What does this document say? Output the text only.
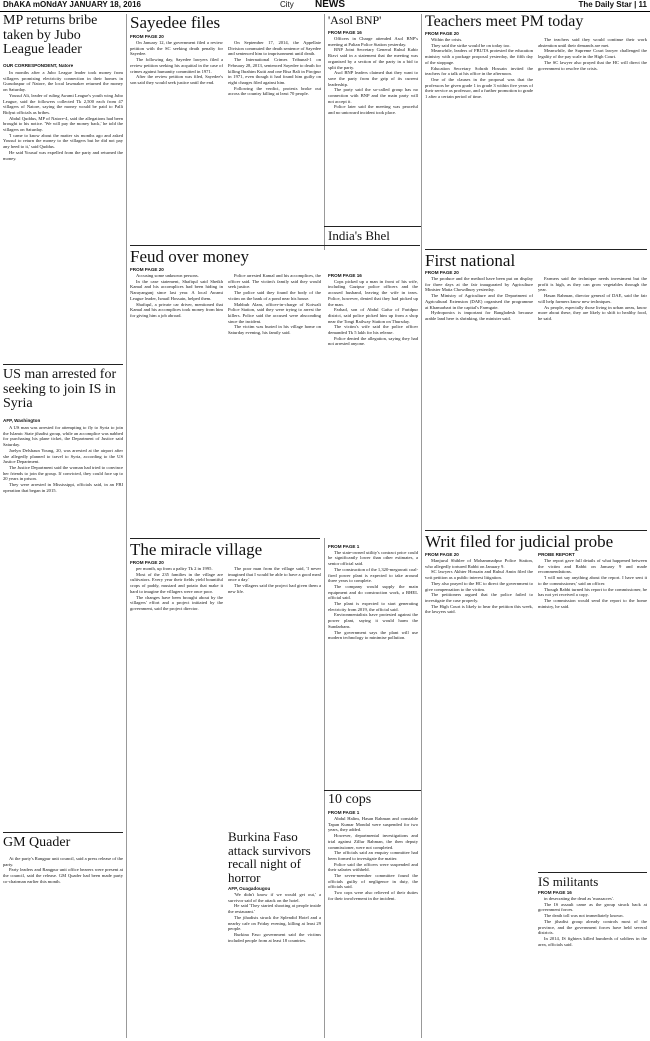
DhAKA mONdAY JANUARY 18, 2016	City NEWS	The Daily Star | 11
MP returns bribe taken by Jubo League leader
OUR CORRESPONDENT, Natore

In months after a Jubo League leader took money from villagers promising electricity connection in their homes in Gurudaspur of Natore, the local lawmaker returned the money on Saturday.

Yousuf Ali, leader of ruling Awami League's youth wing Jubo League, said the followers collected Tk 2,500 each from 47 villagers of Natore, saying the money would be paid to Palli Bidyut officials as bribes.

Abdul Quddus, MP of Natore-4, said the allegations had been brought to his notice. 'We will pay the money back,' he told the villagers on Saturday.

'I came to know about the matter six months ago and asked Yousuf to return the money to the villagers but he did not pay any heed to it,' said Quddus.

He said Yousuf was expelled from the party and returned the money.

US man arrested for seeking to join IS in Syria
AFP, Washington

A US man was arrested for attempting to fly to Syria to join the Islamic State jihadist group, while an accomplice was nabbed for purchasing his plane ticket, the Department of Justice said Saturday.

Jaelyn Delshaun Young, 20, was arrested at the airport after she allegedly planned to travel to Syria, according to the US Justice Department.

The Justice Department said the woman had tried to convince her friends to join the group. If convicted, they could face up to 20 years in prison.

They were arrested in Mississippi, officials said, in an FBI operation that began in 2015.

GM Quader

At the party's Rangpur unit council, said a press release of the party.

Party leaders and Rangpur unit office bearers were present at the council, said the release. GM Quader had been made party co-chairman earlier this month.

Sayedee files
FROM PAGE 20

On January 12, the government filed a review petition with the SC seeking death penalty for Sayedee.

The following day, Sayedee lawyers filed a review petition seeking his acquittal in the case of crimes against humanity committed in 1971.

After the review petition was filed, Sayedee's son said they would seek justice until the end.

On September 17, 2014, the Appellate Division commuted the death sentence of Sayedee and sentenced him to imprisonment until death.

The International Crimes Tribunal-1 on February 28, 2013, sentenced Sayedee to death for killing Ibrahim Kutti and one Bisa Bali in Pirojpur in 1971, even though it had found him guilty on eight charges filed against him.

Following the verdict, protests broke out across the country killing at least 70 people.

'Asol BNP'
FROM PAGE 16

Officers in Charge attended Asol BNP's meeting at Paltan Police Station yesterday.

BNP Joint Secretary General Ruhul Kabir Rizvi said in a statement that the meeting was organised by a section of the party in a bid to split the party.

Asol BNP leaders claimed that they want to save the party from the grip of its current leadership.

The party said the so-called group has no connection with BNP and the main party will not accept it.

Police later said the meeting was peaceful and no untoward incident took place.

Teachers meet PM today
FROM PAGE 20

Within the crisis.

They said the strike would be on today too.

Meanwhile, leaders of FBUTA protested the education ministry with a package proposal yesterday, the fifth day of the stoppage.

Education Secretary Sohrab Hossain invited the teachers for a talk at his office in the afternoon.

One of the clauses in the proposal was that the professors be given grade 1 in grade 3 within five years of their service as professor, and a further promotion to grade 1 after a certain period of time.

The teachers said they would continue their work abstention until their demands are met.

Meanwhile, the Supreme Court lawyer challenged the legality of the pay scale in the High Court.

The SC lawyer also prayed that the HC will direct the government to resolve the crisis.

Feud over money
FROM PAGE 20

Accusing some unknown persons.

In the case statement, Shafiqul said Sheikh Kamal and his accomplices had been hiding in Narayanganj since last year. A local Awami League leader, Ismail Hossain, helped them.

Shafiqul, a private car driver, mentioned that Kamal and his accomplices took money from him for giving him a job abroad.

Police arrested Kamal and his accomplices, the officer said. The victim's family said they would seek justice.

The police said they found the body of the victim on the bank of a pond near his house.

Mahbub Alam, officer-in-charge of Kotwali Police Station, said they were trying to arrest the killers. Police said the accused were absconding since the incident.

The victim was buried in his village home on Saturday evening, his family said.

FROM PAGE 16

Cops picked up a man in front of his wife, including Gazipur police officers and the accused husband, leaving the wife in tears. Police, however, denied that they had picked up the man.

Farhad, son of Abdul Gafur of Faridpur district, said police picked him up from a shop near the Tongi Railway Station on Thursday.

The victim's wife said the police officer demanded Tk 5 lakh for his release.

Police denied the allegation, saying they had not arrested anyone.

India's Bhel
First national
FROM PAGE 20

The produce and the method have been put on display for three days at the fair inaugurated by Agriculture Minister Matia Chowdhury yesterday.

The Ministry of Agriculture and the Department of Agricultural Extension (DAE) organised the programme at Khamarbari in the capital's Farmgate.

Hydroponics is important for Bangladesh because arable land here is shrinking, the minister said.

Farmers said the technique needs investment but the profit is high, as they can grow vegetables through the year.

Hasan Rahman, director general of DAE, said the fair will help farmers know new techniques.

As people, especially those living in urban areas, know more about these, they are likely to shift to healthy food, he said.

FROM PAGE 1

The state-owned utility's contract price could be significantly lower than other estimates, a senior official said.

The construction of the 1,320-megawatt coal-fired power plant is expected to take around three years to complete.

The company would supply the main equipment and do construction work, a BHEL official said.

The plant is expected to start generating electricity from 2019, the official said.

Environmentalists have protested against the power plant, saying it would harm the Sundarbans.

The government says the plant will use modern technology to minimise pollution.

The miracle village
FROM PAGE 20

per month, up from a paltry Tk 2 in 1995.

Most of the 235 families in the village are cultivators. Every year their fields yield bountiful crops of paddy, mustard and potato that make it hard to imagine the villagers were once poor.

The changes have been brought about by the villagers' effort and a project initiated by the government, said the project director.

The poor man from the village said, 'I never imagined that I would be able to have a good meal once a day.'

The villagers said the project had given them a new life.

Burkina Faso attack survivors recall night of horror
AFP, Ouagadougou

'We didn't know if we would get out,' a survivor said of the attack on the hotel.

He said 'They started shooting at people inside the restaurant.'

The jihadists struck the Splendid Hotel and a nearby cafe on Friday evening, killing at least 29 people.

Burkina Faso government said the victims included people from at least 18 countries.

10 cops
FROM PAGE 1

Abdul Halim, Hasan Rahman and constable Tapan Kumar Mondal were suspended for two years, they added.

However, departmental investigations and trial against Zillur Rahman, the then deputy commissioner, were not completed.

The officials said an enquiry committee had been formed to investigate the matter.

Police said the officers were suspended and their salaries withheld.

The seven-member committee found the officials guilty of negligence in duty, the officials said.

Two cops were also relieved of their duties for their involvement in the incident.

Writ filed for judicial probe
FROM PAGE 20

Manjurul Shiblee of Mohammadpur Police Station, who allegedly tortured Rabbi on January 9.

SC lawyers Akhter Hossain and Ruhul Amin filed the writ petition as a public interest litigation.

They also prayed to the HC to direct the government to give compensation to the victim.

The petitioners argued that the police failed to investigate the case properly.

The High Court is likely to hear the petition this week, the lawyers said.

PROBE REPORT

The report gave full details of what happened between the victim and Rabbi on January 9 and made recommendations.

'I will not say anything about the report. I have sent it to the commissioner,' said an officer.

Though Rabbi turned his report to the commissioner, he has not yet received a copy.

The commission would send the report to the home ministry, he said.

IS militants
FROM PAGE 16

in desecrating the dead as 'massacres'.

The IS assault came as the group struck back at government forces.

The death toll was not immediately known.

The jihadist group already controls most of the province, and the government forces have held several districts.

In 2014, IS fighters killed hundreds of soldiers in the area, officials said.
